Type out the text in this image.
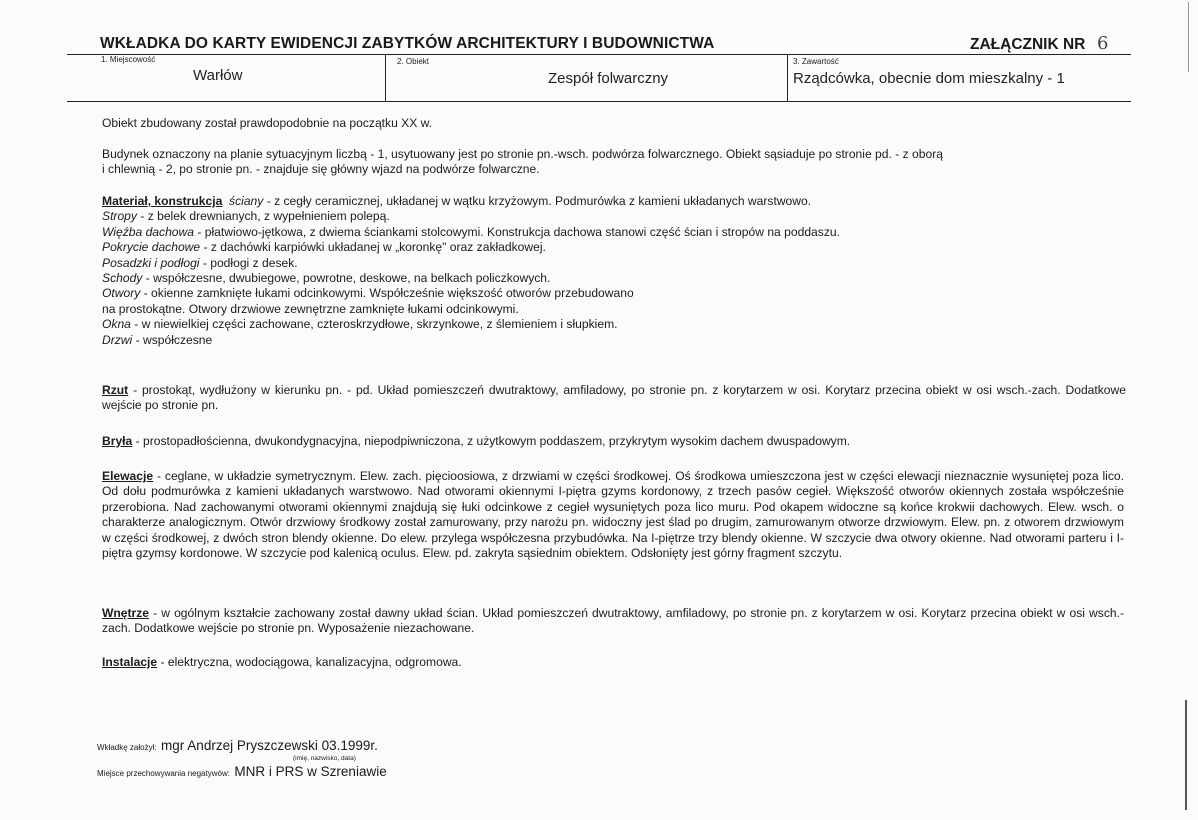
WKŁADKA DO KARTY EWIDENCJI ZABYTKÓW ARCHITEKTURY I BUDOWNICTWA	ZAŁĄCZNIK NR 6
1. Miejscowość
Warłów
2. Obiekt
Zespół folwarczny
3. Zawartość
Rządcówka, obecnie dom mieszkalny - 1
Obiekt zbudowany został prawdopodobnie na początku XX w.
Budynek oznaczony na planie sytuacyjnym liczbą - 1, usytuowany jest po stronie pn.-wsch. podwórza folwarcznego. Obiekt sąsiaduje po stronie pd. - z oborą
i chlewnią - 2, po stronie pn. - znajduje się główny wjazd na podwórze folwarczne.
Materiał, konstrukcja ściany - z cegły ceramicznej, układanej w wątku krzyżowym. Podmurówka z kamieni układanych warstwowo.
Stropy - z belek drewnianych, z wypełnieniem polepą.
Więźba dachowa - płatwiowo-jętkowa, z dwiema ściankami stolcowymi. Konstrukcja dachowa stanowi część ścian i stropów na poddaszu.
Pokrycie dachowe - z dachówki karpiówki układanej w „koronkę" oraz zakładkowej.
Posadzki i podłogi - podłogi z desek.
Schody - współczesne, dwubiegowe, powrotne, deskowe, na belkach policzkowych.
Otwory - okienne zamknięte łukami odcinkowymi. Współcześnie większość otworów przebudowano
na prostokątne. Otwory drzwiowe zewnętrzne zamknięte łukami odcinkowymi.
Okna - w niewielkiej części zachowane, czteroskrzydłowe, skrzynkowe, z ślemieniem i słupkiem.
Drzwi - współczesne
Rzut - prostokąt, wydłużony w kierunku pn. - pd. Układ pomieszczeń dwutraktowy, amfiladowy, po stronie pn. z korytarzem w osi. Korytarz przecina obiekt w osi wsch.-zach. Dodatkowe wejście po stronie pn.
Bryła - prostopadłościenna, dwukondygnacyjna, niepodpiwniczona, z użytkowym poddaszem, przykrytym wysokim dachem dwuspadowym.
Elewacje - ceglane, w układzie symetrycznym. Elew. zach. pięcioosiowa, z drzwiami w części środkowej. Oś środkowa umieszczona jest w części elewacji nieznacznie wysuniętej poza lico. Od dołu podmurówka z kamieni układanych warstwowo. Nad otworami okiennymi I-piętra gzyms kordonowy, z trzech pasów cegieł. Większość otworów okiennych została współcześnie przerobiona. Nad zachowanymi otworami okiennymi znajdują się łuki odcinkowe z cegieł wysuniętych poza lico muru. Pod okapem widoczne są końce krokwii dachowych. Elew. wsch. o charakterze analogicznym. Otwór drzwiowy środkowy został zamurowany, przy narożu pn. widoczny jest ślad po drugim, zamurowanym otworze drzwiowym. Elew. pn. z otworem drzwiowym w części środkowej, z dwóch stron blendy okienne. Do elew. przylega współczesna przybudówka. Na I-piętrze trzy blendy okienne. W szczycie dwa otwory okienne. Nad otworami parteru i I-piętra gzymsy kordonowe. W szczycie pod kalenicą oculus. Elew. pd. zakryta sąsiednim obiektem. Odsłonięty jest górny fragment szczytu.
Wnętrze - w ogólnym kształcie zachowany został dawny układ ścian. Układ pomieszczeń dwutraktowy, amfiladowy, po stronie pn. z korytarzem w osi. Korytarz przecina obiekt w osi wsch.-zach. Dodatkowe wejście po stronie pn. Wyposażenie niezachowane.
Instalacje - elektryczna, wodociągowa, kanalizacyjna, odgromowa.
Wkładkę założył: mgr Andrzej Pryszczewski 03.1999r.
(imię, nazwisko, data)
Miejsce przechowywania negatywów: MNR i PRS w Szreniawie
